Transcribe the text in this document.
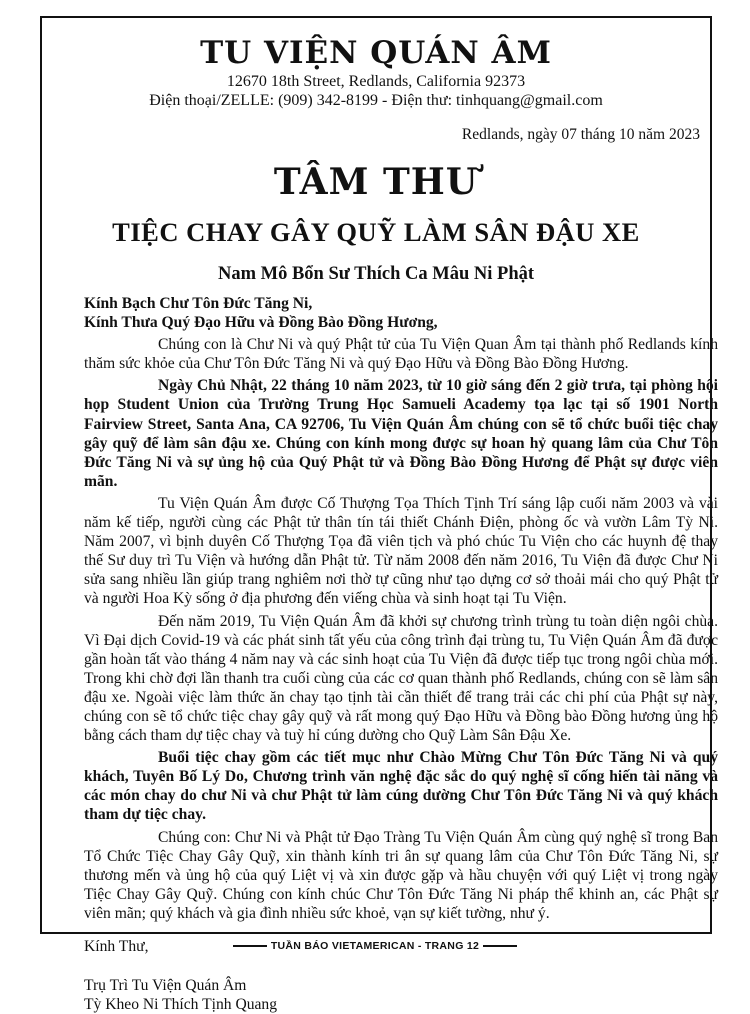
TU VIỆN QUÁN ÂM

12670 18th Street, Redlands, California 92373

Điện thoại/ZELLE: (909) 342-8199 - Điện thư: tinhquang@gmail.com

Redlands, ngày 07 tháng 10 năm 2023

TÂM THƯ

TIỆC CHAY GÂY QUỸ LÀM SÂN ĐẬU XE

Nam Mô Bổn Sư Thích Ca Mâu Ni Phật

Kính Bạch Chư Tôn Đức Tăng Ni,

Kính Thưa Quý Đạo Hữu và Đồng Bào Đồng Hương,

Chúng con là Chư Ni và quý Phật tử của Tu Viện Quan Âm tại thành phố Redlands kính thăm sức khỏe của Chư Tôn Đức Tăng Ni và quý Đạo Hữu và Đồng Bào Đồng Hương.

Ngày Chủ Nhật, 22 tháng 10 năm 2023, từ 10 giờ sáng đến 2 giờ trưa, tại phòng hội họp Student Union của Trường Trung Học Samueli Academy tọa lạc tại số 1901 North Fairview Street, Santa Ana, CA 92706, Tu Viện Quán Âm chúng con sẽ tổ chức buổi tiệc chay gây quỹ để làm sân đậu xe. Chúng con kính mong được sự hoan hỷ quang lâm của Chư Tôn Đức Tăng Ni và sự ủng hộ của Quý Phật tử và Đồng Bào Đồng Hương để Phật sự được viên mãn.

Tu Viện Quán Âm được Cố Thượng Tọa Thích Tịnh Trí sáng lập cuối năm 2003 và vài năm kế tiếp, người cùng các Phật tử thân tín tái thiết Chánh Điện, phòng ốc và vườn Lâm Tỳ Ni. Năm 2007, vì bịnh duyên Cố Thượng Tọa đã viên tịch và phó chúc Tu Viện cho các huynh đệ thay thế Sư duy trì Tu Viện và hướng dẫn Phật tử. Từ năm 2008 đến năm 2016, Tu Viện đã được Chư Ni sửa sang nhiều lần giúp trang nghiêm nơi thờ tự cũng như tạo dựng cơ sở thoải mái cho quý Phật tử và người Hoa Kỳ sống ở địa phương đến viếng chùa và sinh hoạt tại Tu Viện.

Đến năm 2019, Tu Viện Quán Âm đã khởi sự chương trình trùng tu toàn diện ngôi chùa. Vì Đại dịch Covid-19 và các phát sinh tất yếu của công trình đại trùng tu, Tu Viện Quán Âm đã được gần hoàn tất vào tháng 4 năm nay và các sinh hoạt của Tu Viện đã được tiếp tục trong ngôi chùa mới. Trong khi chờ đợi lần thanh tra cuối cùng của các cơ quan thành phố Redlands, chúng con sẽ làm sân đậu xe. Ngoài việc làm thức ăn chay tạo tịnh tài cần thiết để trang trải các chi phí của Phật sự này, chúng con sẽ tổ chức tiệc chay gây quỹ và rất mong quý Đạo Hữu và Đồng bào Đồng hương ủng hộ bằng cách tham dự tiệc chay và tuỳ hỉ cúng dường cho Quỹ Làm Sân Đậu Xe.

Buổi tiệc chay gồm các tiết mục như Chào Mừng Chư Tôn Đức Tăng Ni và quý khách, Tuyên Bố Lý Do, Chương trình văn nghệ đặc sắc do quý nghệ sĩ cống hiến tài năng và các món chay do chư Ni và chư Phật tử làm cúng dường Chư Tôn Đức Tăng Ni và quý khách tham dự tiệc chay.

Chúng con: Chư Ni và Phật tử Đạo Tràng Tu Viện Quán Âm cùng quý nghệ sĩ trong Ban Tổ Chức Tiệc Chay Gây Quỹ, xin thành kính tri ân sự quang lâm của Chư Tôn Đức Tăng Ni, sự thương mến và ủng hộ của quý Liệt vị và xin được gặp và hầu chuyện với quý Liệt vị trong ngày Tiệc Chay Gây Quỹ. Chúng con kính chúc Chư Tôn Đức Tăng Ni pháp thể khinh an, các Phật sự viên mãn; quý khách và gia đình nhiều sức khoẻ, vạn sự kiết tường, như ý.

Kính Thư,

Trụ Trì Tu Viện Quán Âm

Tỳ Kheo Ni Thích Tịnh Quang

TUẦN BÁO VIETAMERICAN - TRANG 12
